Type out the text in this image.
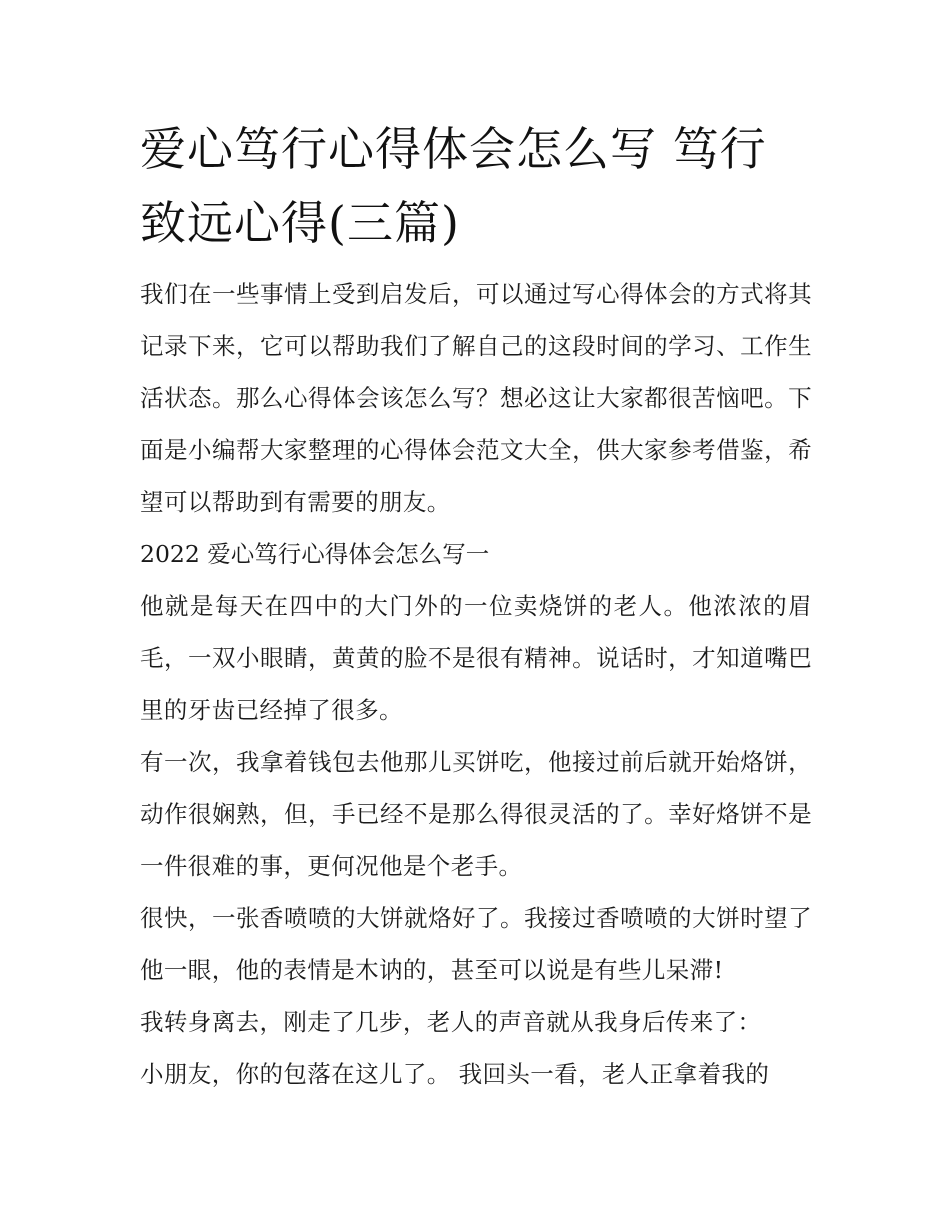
爱心笃行心得体会怎么写 笃行致远心得(三篇)

我们在一些事情上受到启发后，可以通过写心得体会的方式将其记录下来，它可以帮助我们了解自己的这段时间的学习、工作生活状态。那么心得体会该怎么写？想必这让大家都很苦恼吧。下面是小编帮大家整理的心得体会范文大全，供大家参考借鉴，希望可以帮助到有需要的朋友。

2022 爱心笃行心得体会怎么写一

他就是每天在四中的大门外的一位卖烧饼的老人。他浓浓的眉毛，一双小眼睛，黄黄的脸不是很有精神。说话时，才知道嘴巴里的牙齿已经掉了很多。

有一次，我拿着钱包去他那儿买饼吃，他接过前后就开始烙饼，动作很娴熟，但，手已经不是那么得很灵活的了。幸好烙饼不是一件很难的事，更何况他是个老手。

很快，一张香喷喷的大饼就烙好了。我接过香喷喷的大饼时望了他一眼，他的表情是木讷的，甚至可以说是有些儿呆滞!

我转身离去，刚走了几步，老人的声音就从我身后传来了：

小朋友，你的包落在这儿了。 我回头一看，老人正拿着我的
